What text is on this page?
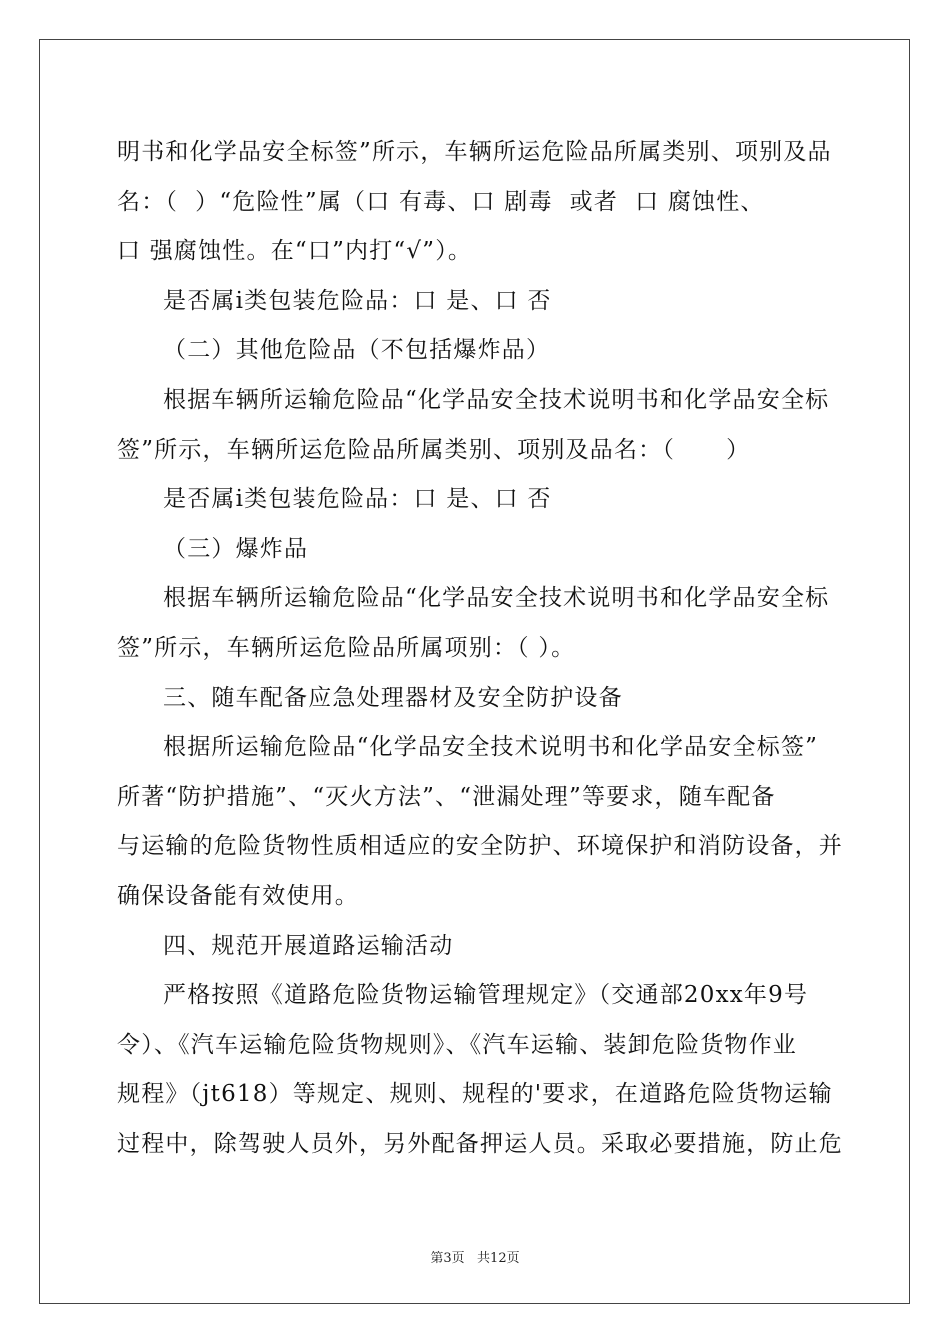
明书和化学品安全标签”所示，车辆所运危险品所属类别、项别及品
名：（  ）“危险性”属（口 有毒、口 剧毒  或者  口 腐蚀性、
口 强腐蚀性。在“口”内打“√”）。
是否属i类包装危险品：口 是、口 否
（二）其他危险品（不包括爆炸品）
根据车辆所运输危险品“化学品安全技术说明书和化学品安全标
签”所示，车辆所运危险品所属类别、项别及品名：（      ）
是否属i类包装危险品：口 是、口 否
（三）爆炸品
根据车辆所运输危险品“化学品安全技术说明书和化学品安全标
签”所示，车辆所运危险品所属项别：（ ）。
三、随车配备应急处理器材及安全防护设备
根据所运输危险品“化学品安全技术说明书和化学品安全标签”
所著“防护措施”、“灭火方法”、“泄漏处理”等要求，随车配备
与运输的危险货物性质相适应的安全防护、环境保护和消防设备，并
确保设备能有效使用。
四、规范开展道路运输活动
严格按照《道路危险货物运输管理规定》（交通部20xx年9号
令）、《汽车运输危险货物规则》、《汽车运输、装卸危险货物作业
规程》（jt618）等规定、规则、规程的'要求，在道路危险货物运输
过程中，除驾驶人员外，另外配备押运人员。采取必要措施，防止危
第3页   共12页
